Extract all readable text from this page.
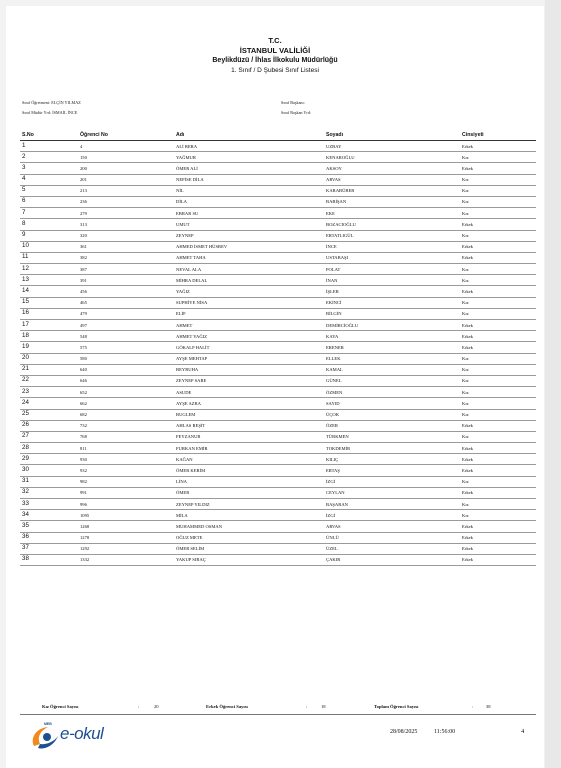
T.C.
İSTANBUL VALİLİĞİ
Beylikdüzü / İhlas İlkokulu Müdürlüğü
1. Sınıf / D Şubesi Sınıf Listesi
Sınıf Öğretmeni: ELÇİN YILMAZ
Sınıf Müdür Yrd: İSMAİL İNCE
Sınıf Başkanı:
Sınıf Başkan Yrd:
S.No	Öğrenci No	Adı	Soyadı	Cinsiyeti
1	4	ALİ BERA	UZBAY	Erkek
2	150	YAĞMUR	KENAROĞLU	Kız
3	200	ÖMER ALİ	AKSOY	Erkek
4	201	NEFİSE DİLA	ARVAS	Kız
5	213	NİL	KARABÜBER	Kız
6	236	DİLA	BABİŞAN	Kız
7	279	EBRAR SU	EKE	Kız
8	313	UMUT	BOZACIOĞLU	Erkek
9	320	ZEYNEP	ERTATLIGÜL	Kız
10	361	AHMED İSMET HÜSREV	İNCE	Erkek
11	382	AHMET TAHA	USTABAŞI	Erkek
12	387	NEVAL ALA	POLAT	Kız
13	391	MİHRA DELAL	İNAN	Kız
14	456	YAĞIZ	İŞLER	Erkek
15	465	SUPHİYE NİSA	EKİNCİ	Kız
16	479	ELİF	BİLGİN	Kız
17	497	AHMET	DEMİRCİOĞLU	Erkek
18	548	AHMET YAĞIZ	KAYA	Erkek
19	575	GÖKALP HALİT	ERENER	Erkek
20	580	AYŞE MEHTAP	ELLEK	Kız
21	640	BEYRUHA	KAMAL	Kız
22	646	ZEYNEP SARE	GÜNEL	Kız
23	652	ASUDE	ÖZMEN	Kız
24	662	AYŞE AZRA	SAYID	Kız
25	682	BUGLEM	ÜÇOK	Kız
26	732	AHLAS REŞİT	ÖZER	Erkek
27	768	FEYZANUR	TÜRKMEN	Kız
28	811	FURKAN EMİR	TOKDEMİR	Erkek
29	930	KAĞAN	KILIÇ	Erkek
30	932	ÖMER KERİM	ERTAŞ	Erkek
31	982	LİNA	İZGİ	Kız
32	991	ÖMER	CEYLAN	Erkek
33	996	ZEYNEP YILDIZ	BAŞARAN	Kız
34	1095	MİLA	İZGİ	Kız
35	1268	MUHAMMED OSMAN	ARVAS	Erkek
36	1278	OĞUZ METE	ÜNLÜ	Erkek
37	1292	ÖMER SELİM	ÜZEL	Erkek
38	1332	YAKUP SIRAÇ	ÇAKIR	Erkek
Kız Öğrenci Sayısı	:	20	Erkek Öğrenci Sayısı	:	18	Toplam Öğrenci Sayısı	:	38
MEB e-okul	28/08/2025	11:56:00	4
